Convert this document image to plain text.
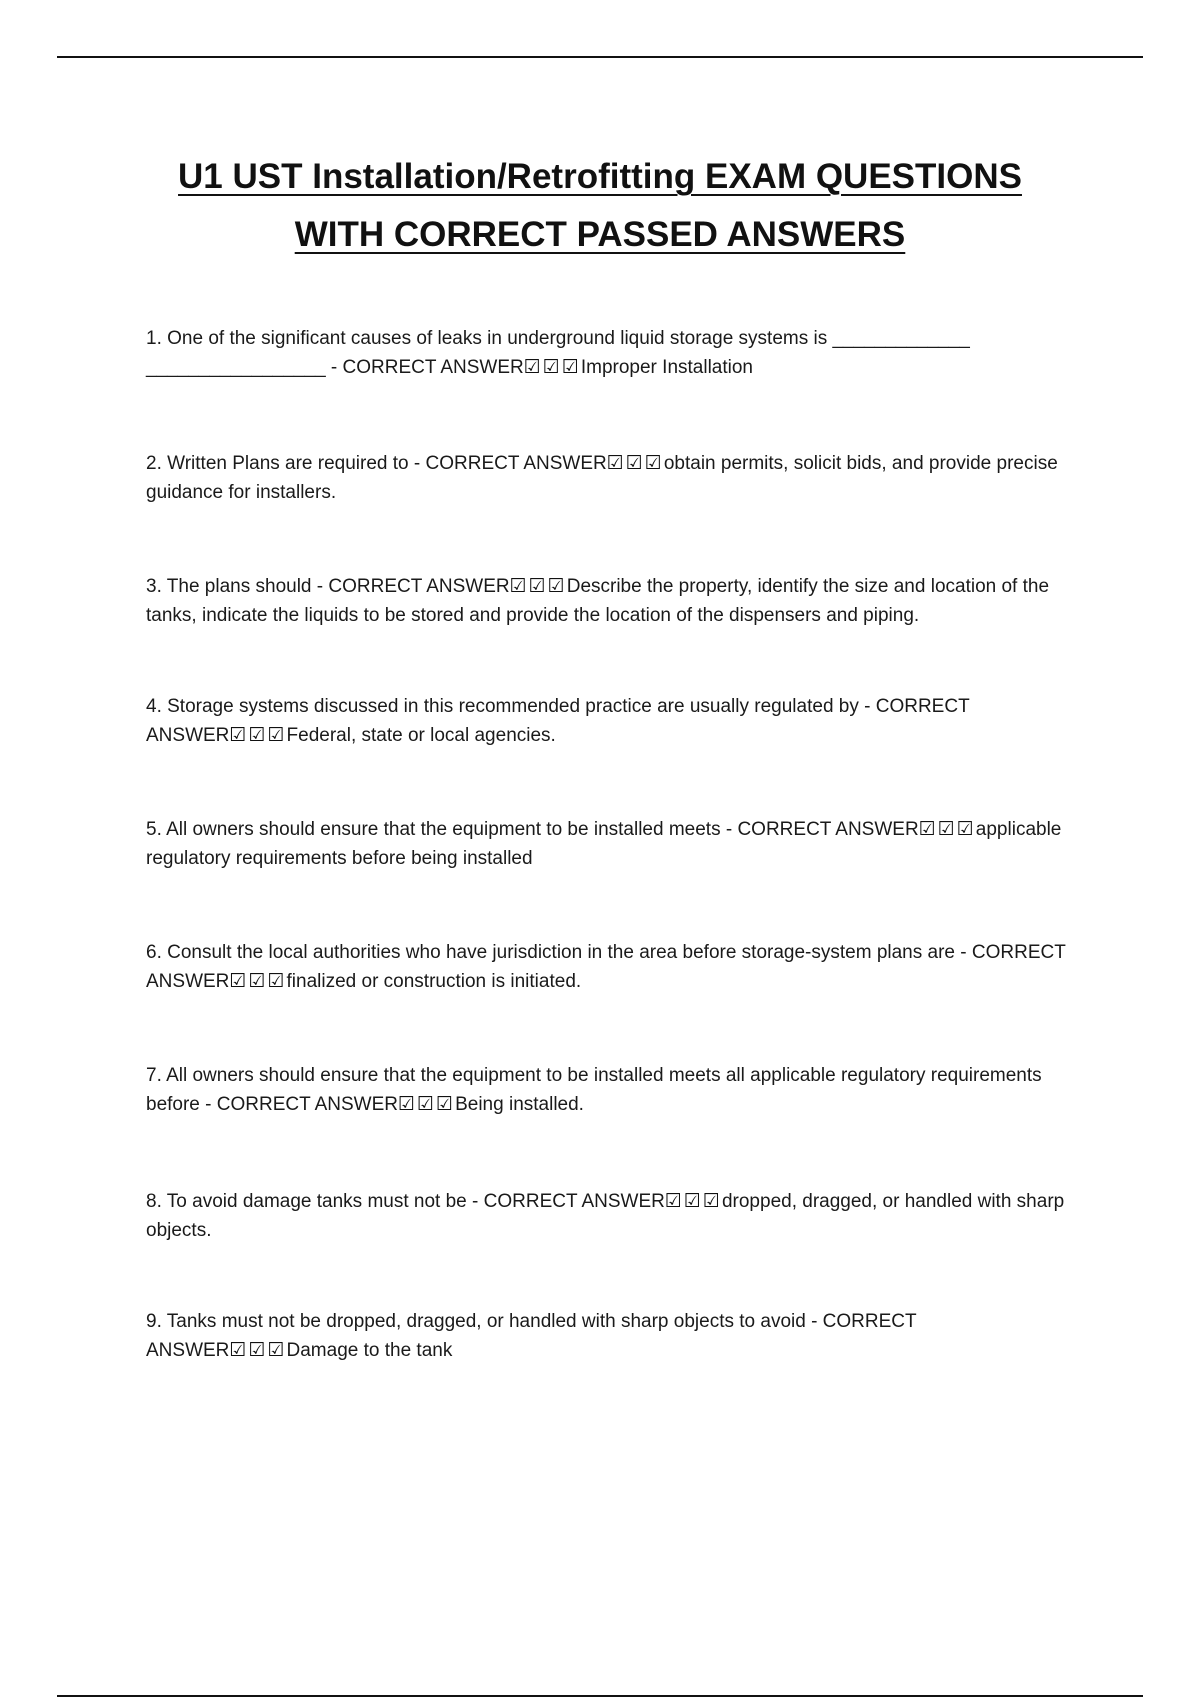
U1 UST Installation/Retrofitting EXAM QUESTIONS
WITH CORRECT PASSED ANSWERS

1. One of the significant causes of leaks in underground liquid storage systems is _____________ _________________ - CORRECT ANSWER☑☑☑Improper Installation

2. Written Plans are required to - CORRECT ANSWER☑☑☑obtain permits, solicit bids, and provide precise guidance for installers.

3. The plans should - CORRECT ANSWER☑☑☑Describe the property, identify the size and location of the tanks, indicate the liquids to be stored and provide the location of the dispensers and piping.

4. Storage systems discussed in this recommended practice are usually regulated by - CORRECT ANSWER☑☑☑Federal, state or local agencies.

5. All owners should ensure that the equipment to be installed meets - CORRECT ANSWER☑☑☑applicable regulatory requirements before being installed

6. Consult the local authorities who have jurisdiction in the area before storage-system plans are - CORRECT ANSWER☑☑☑finalized or construction is initiated.

7. All owners should ensure that the equipment to be installed meets all applicable regulatory requirements before - CORRECT ANSWER☑☑☑Being installed.

8. To avoid damage tanks must not be - CORRECT ANSWER☑☑☑dropped, dragged, or handled with sharp objects.

9. Tanks must not be dropped, dragged, or handled with sharp objects to avoid - CORRECT ANSWER☑☑☑Damage to the tank
